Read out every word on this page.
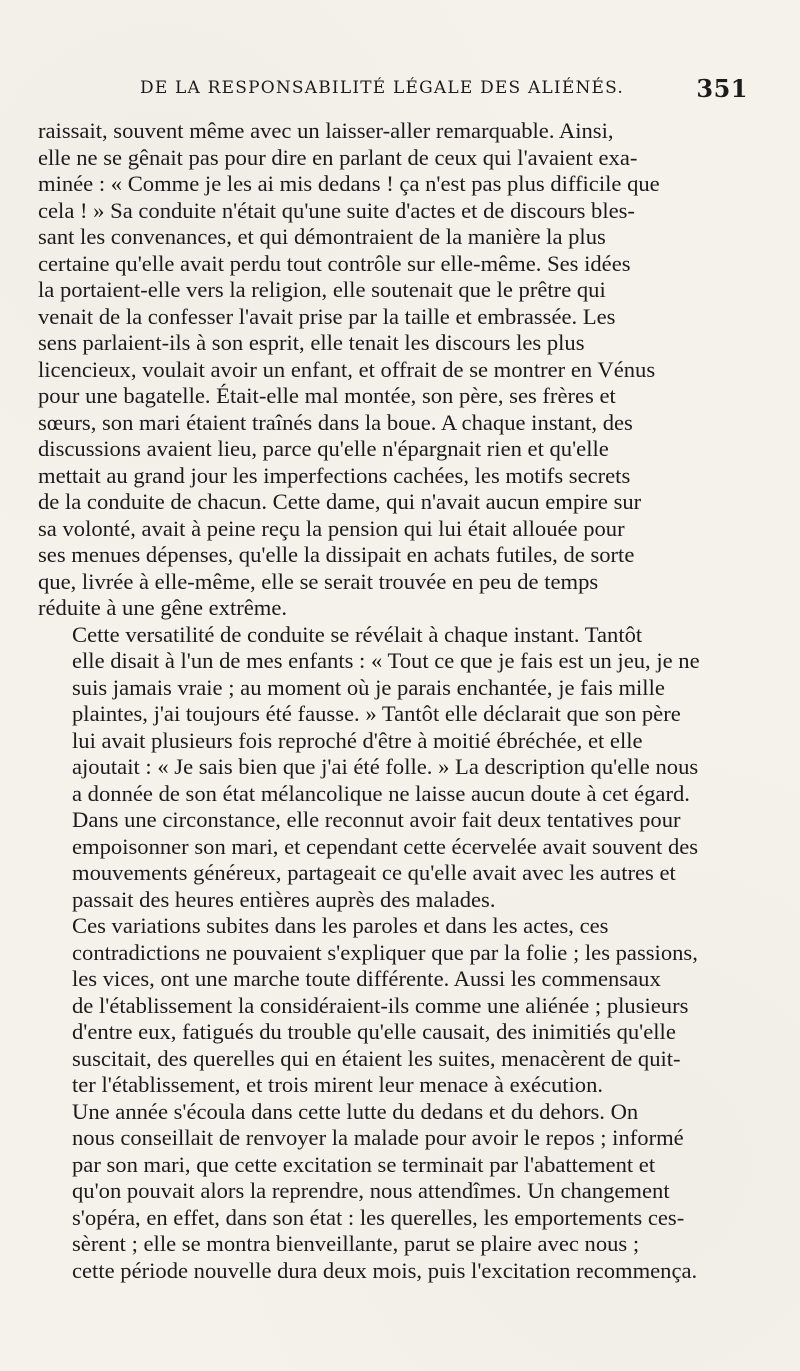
DE LA RESPONSABILITÉ LÉGALE DES ALIÉNÉS.	351
raissait, souvent même avec un laisser-aller remarquable. Ainsi,
elle ne se gênait pas pour dire en parlant de ceux qui l'avaient exa-
minée : « Comme je les ai mis dedans ! ça n'est pas plus difficile que
cela ! » Sa conduite n'était qu'une suite d'actes et de discours bles-
sant les convenances, et qui démontraient de la manière la plus
certaine qu'elle avait perdu tout contrôle sur elle-même. Ses idées
la portaient-elle vers la religion, elle soutenait que le prêtre qui
venait de la confesser l'avait prise par la taille et embrassée. Les
sens parlaient-ils à son esprit, elle tenait les discours les plus
licencieux, voulait avoir un enfant, et offrait de se montrer en Vénus
pour une bagatelle. Était-elle mal montée, son père, ses frères et
sœurs, son mari étaient traînés dans la boue. A chaque instant, des
discussions avaient lieu, parce qu'elle n'épargnait rien et qu'elle
mettait au grand jour les imperfections cachées, les motifs secrets
de la conduite de chacun. Cette dame, qui n'avait aucun empire sur
sa volonté, avait à peine reçu la pension qui lui était allouée pour
ses menues dépenses, qu'elle la dissipait en achats futiles, de sorte
que, livrée à elle-même, elle se serait trouvée en peu de temps
réduite à une gêne extrême.
Cette versatilité de conduite se révélait à chaque instant. Tantôt
elle disait à l'un de mes enfants : « Tout ce que je fais est un jeu, je ne
suis jamais vraie ; au moment où je parais enchantée, je fais mille
plaintes, j'ai toujours été fausse. » Tantôt elle déclarait que son père
lui avait plusieurs fois reproché d'être à moitié ébréchée, et elle
ajoutait : « Je sais bien que j'ai été folle. » La description qu'elle nous
a donnée de son état mélancolique ne laisse aucun doute à cet égard.
Dans une circonstance, elle reconnut avoir fait deux tentatives pour
empoisonner son mari, et cependant cette écervelée avait souvent des
mouvements généreux, partageait ce qu'elle avait avec les autres et
passait des heures entières auprès des malades.
Ces variations subites dans les paroles et dans les actes, ces
contradictions ne pouvaient s'expliquer que par la folie ; les passions,
les vices, ont une marche toute différente. Aussi les commensaux
de l'établissement la considéraient-ils comme une aliénée ; plusieurs
d'entre eux, fatigués du trouble qu'elle causait, des inimitiés qu'elle
suscitait, des querelles qui en étaient les suites, menacèrent de quit-
ter l'établissement, et trois mirent leur menace à exécution.
Une année s'écoula dans cette lutte du dedans et du dehors. On
nous conseillait de renvoyer la malade pour avoir le repos ; informé
par son mari, que cette excitation se terminait par l'abattement et
qu'on pouvait alors la reprendre, nous attendîmes. Un changement
s'opéra, en effet, dans son état : les querelles, les emportements ces-
sèrent ; elle se montra bienveillante, parut se plaire avec nous ;
cette période nouvelle dura deux mois, puis l'excitation recommença.
